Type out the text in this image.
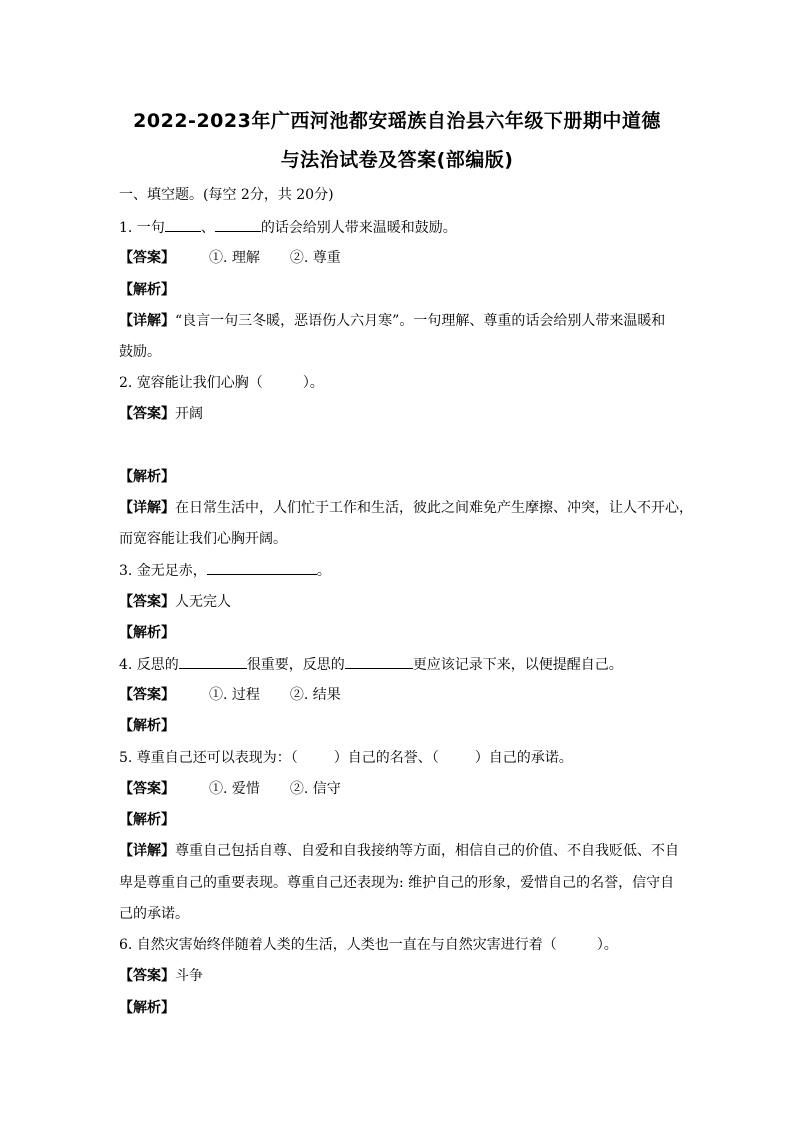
2022-2023年广西河池都安瑶族自治县六年级下册期中道德
与法治试卷及答案(部编版)
一、填空题。(每空 2分，共 20分)
1. 一句	、	的话会给别人带来温暖和鼓励。
【答案】 ①. 理解 ②. 尊重
【解析】
【详解】“良言一句三冬暖，恶语伤人六月寒”。一句理解、尊重的话会给别人带来温暖和
鼓励。
2. 宽容能让我们心胸（	）。
【答案】开阔
【解析】
【详解】在日常生活中，人们忙于工作和生活，彼此之间难免产生摩擦、冲突，让人不开心，
而宽容能让我们心胸开阔。
3. 金无足赤，	。
【答案】人无完人
【解析】
4. 反思的	很重要，反思的	更应该记录下来，以便提醒自己。
【答案】 ①. 过程 ②. 结果
【解析】
5. 尊重自己还可以表现为：（	）自己的名誉、（	）自己的承诺。
【答案】 ①. 爱惜 ②. 信守
【解析】
【详解】尊重自己包括自尊、自爱和自我接纳等方面，相信自己的价值、不自我贬低、不自
卑是尊重自己的重要表现。尊重自己还表现为: 维护自己的形象，爱惜自己的名誉，信守自
己的承诺。
6. 自然灾害始终伴随着人类的生活，人类也一直在与自然灾害进行着（	）。
【答案】斗争
【解析】
